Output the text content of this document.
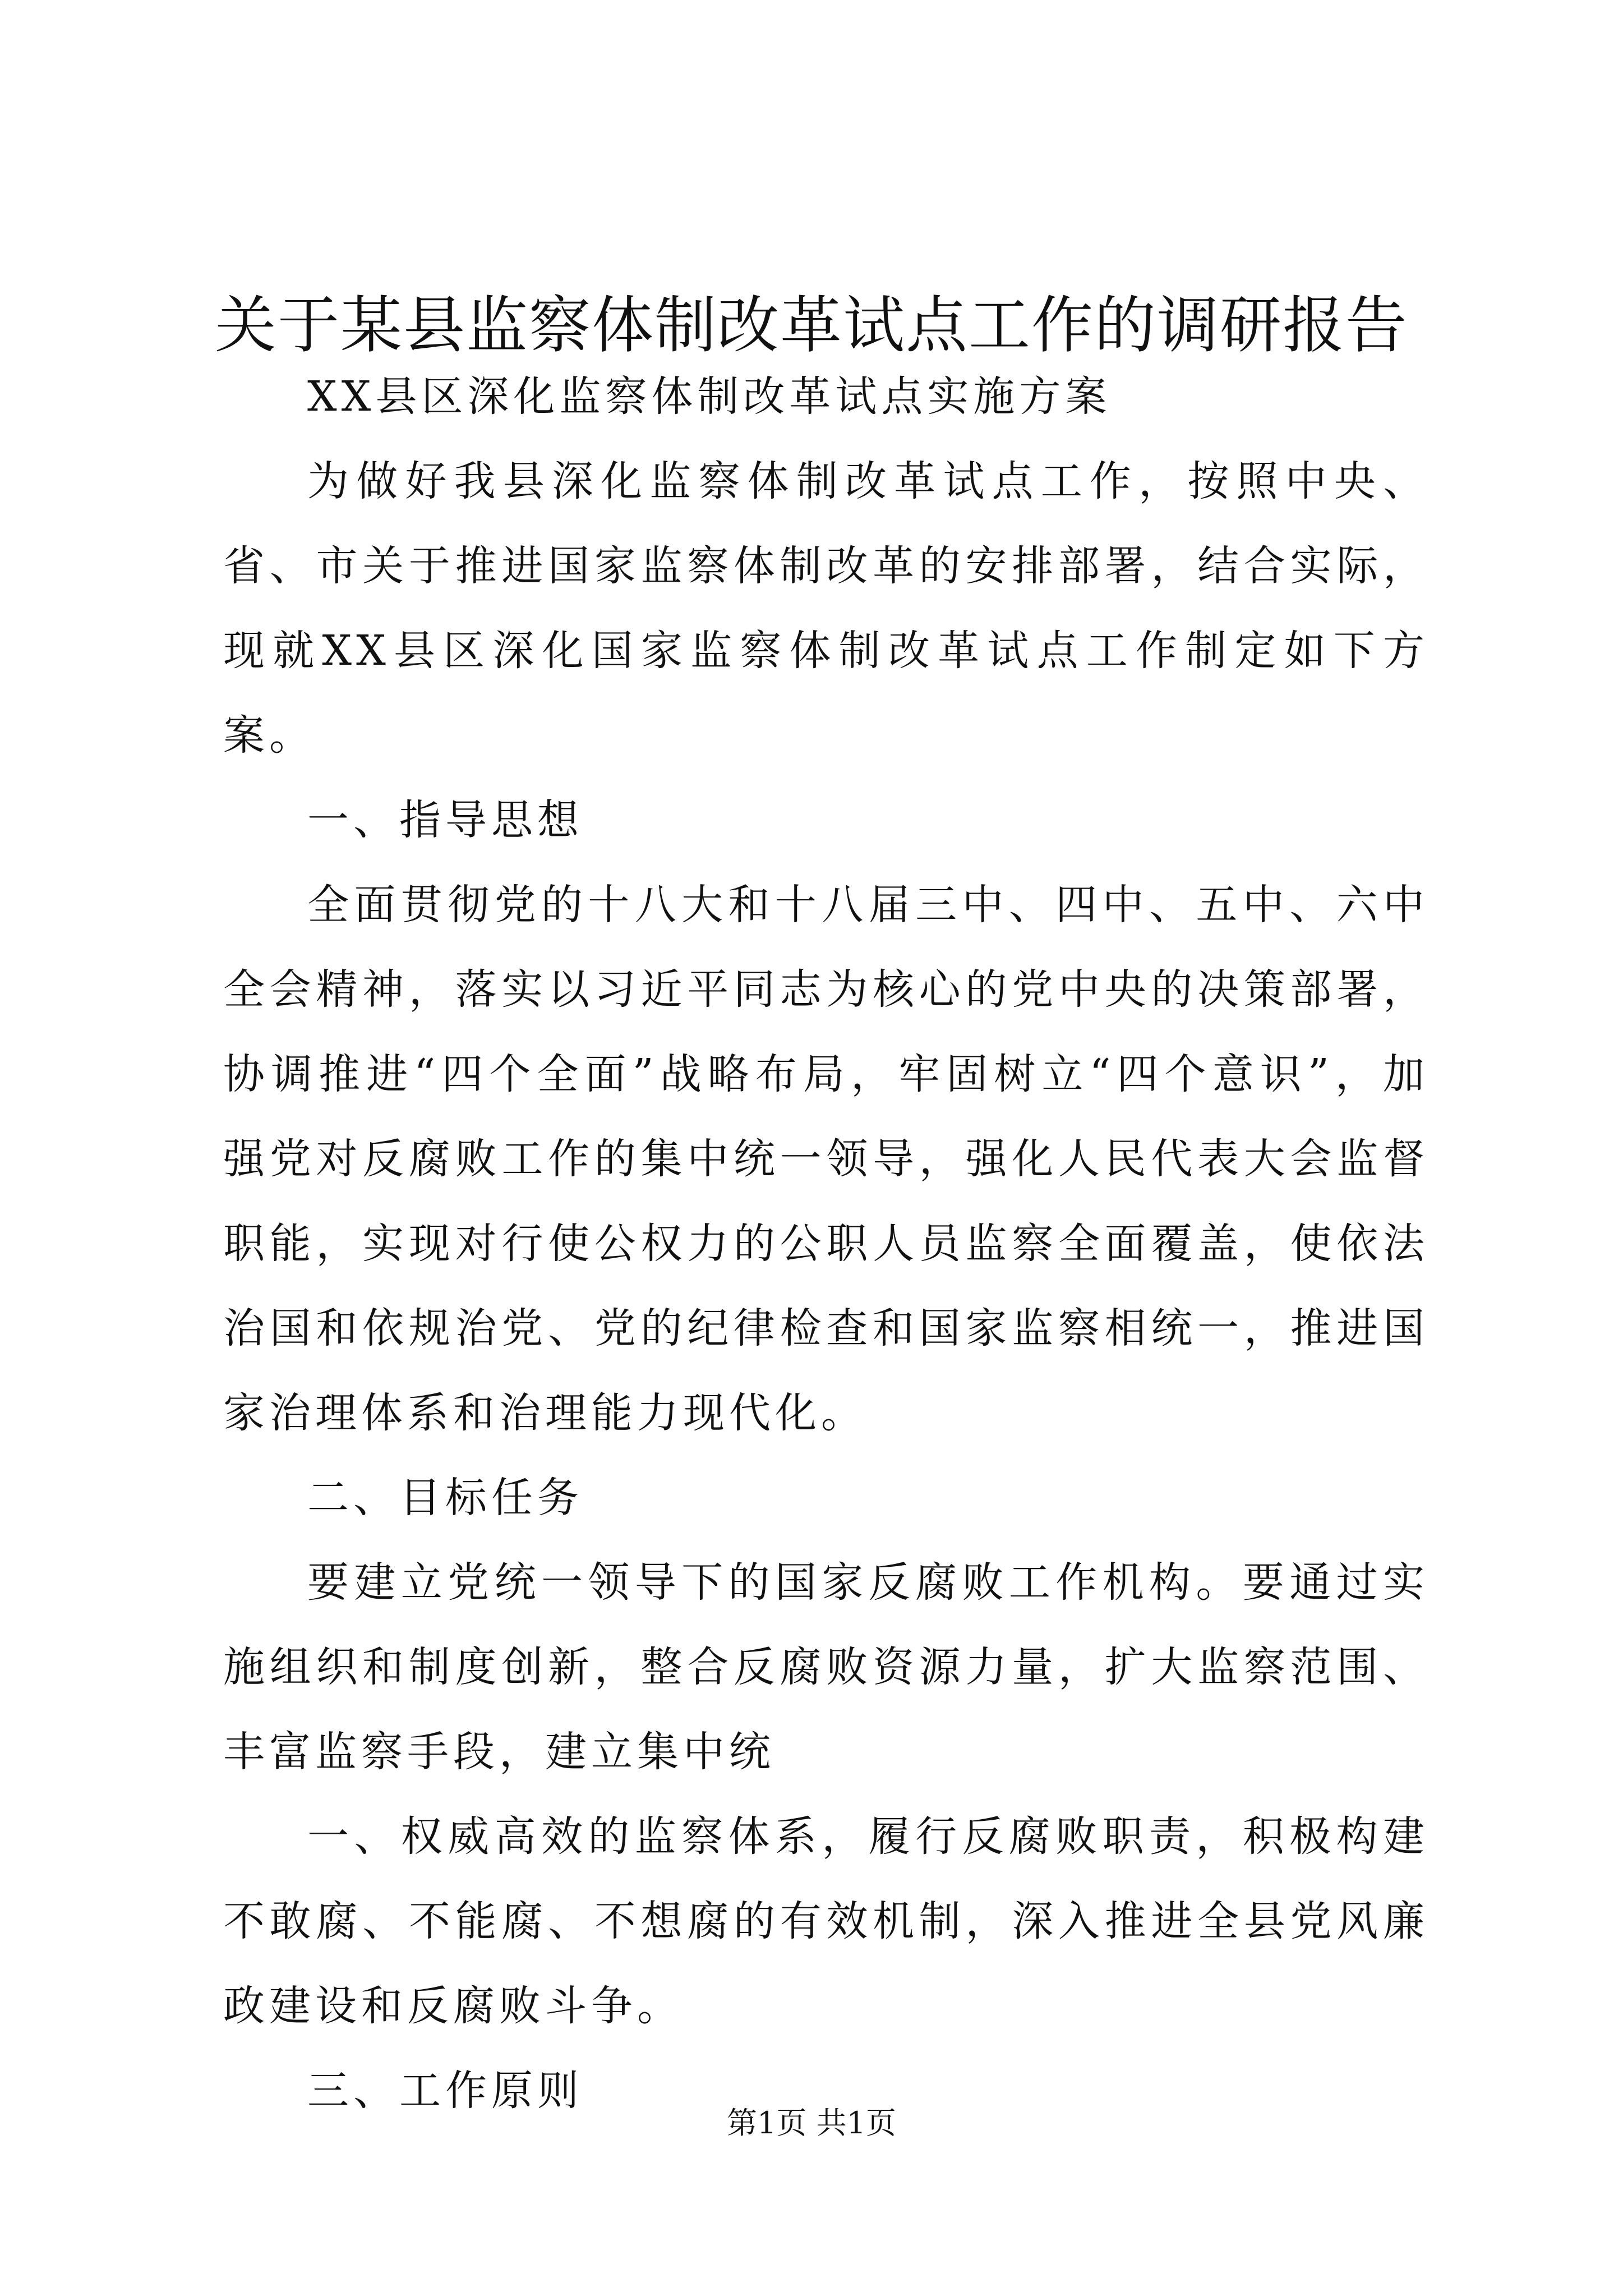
关于某县监察体制改革试点工作的调研报告

XX县区深化监察体制改革试点实施方案

为做好我县深化监察体制改革试点工作，按照中央、省、市关于推进国家监察体制改革的安排部署，结合实际，现就XX县区深化国家监察体制改革试点工作制定如下方案。

一、指导思想

全面贯彻党的十八大和十八届三中、四中、五中、六中全会精神，落实以习近平同志为核心的党中央的决策部署，协调推进“四个全面”战略布局，牢固树立“四个意识”，加强党对反腐败工作的集中统一领导，强化人民代表大会监督职能，实现对行使公权力的公职人员监察全面覆盖，使依法治国和依规治党、党的纪律检查和国家监察相统一，推进国家治理体系和治理能力现代化。

二、目标任务

要建立党统一领导下的国家反腐败工作机构。要通过实施组织和制度创新，整合反腐败资源力量，扩大监察范围、丰富监察手段，建立集中统

一、权威高效的监察体系，履行反腐败职责，积极构建不敢腐、不能腐、不想腐的有效机制，深入推进全县党风廉政建设和反腐败斗争。

三、工作原则

第1页 共1页
